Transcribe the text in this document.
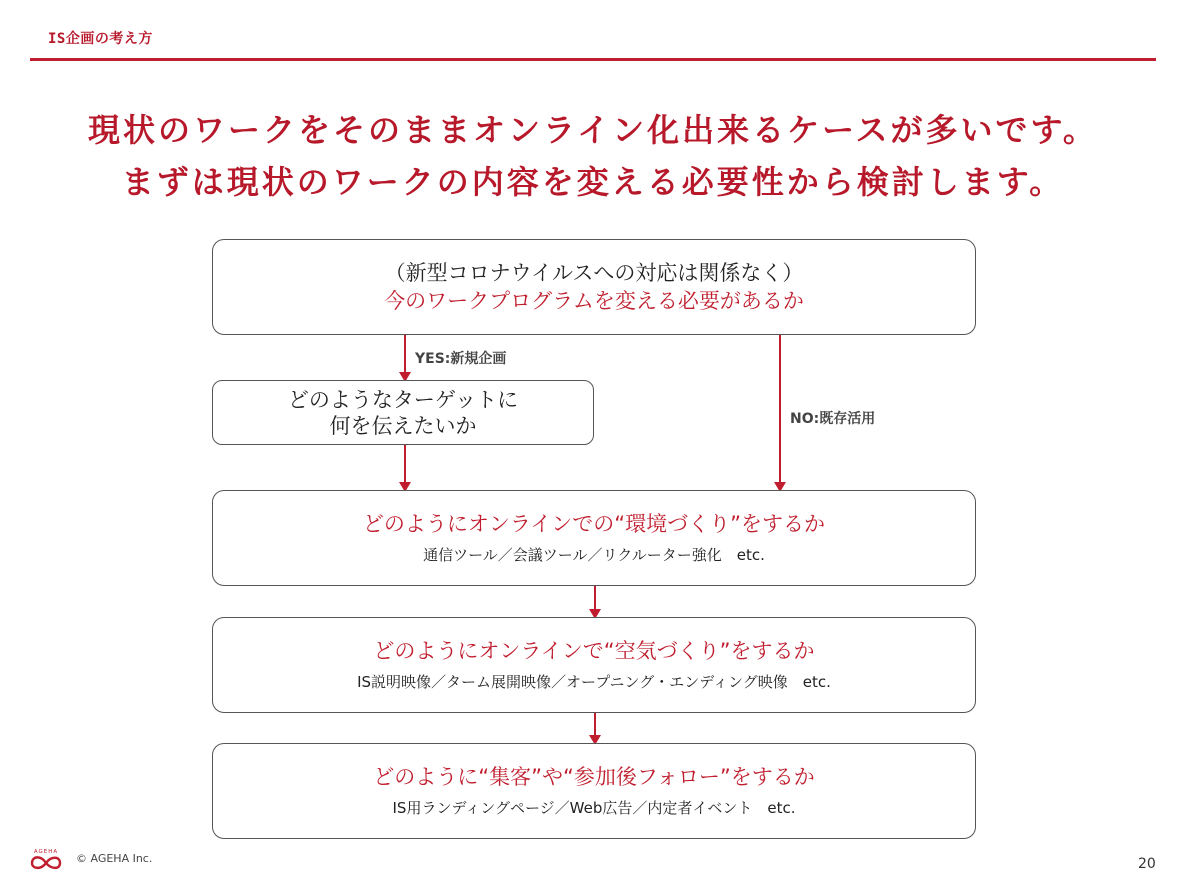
IS企画の考え方
現状のワークをそのままオンライン化出来るケースが多いです。
まずは現状のワークの内容を変える必要性から検討します。
（新型コロナウイルスへの対応は関係なく）
今のワークプログラムを変える必要があるか
YES:新規企画
NO:既存活用
どのようなターゲットに
何を伝えたいか
どのようにオンラインでの“環境づくり”をするか
通信ツール／会議ツール／リクルーター強化　etc.
どのようにオンラインで“空気づくり”をするか
IS説明映像／ターム展開映像／オープニング・エンディング映像　etc.
どのように“集客”や“参加後フォロー”をするか
IS用ランディングページ／Web広告／内定者イベント　etc.
AGEHA © AGEHA Inc.	20
